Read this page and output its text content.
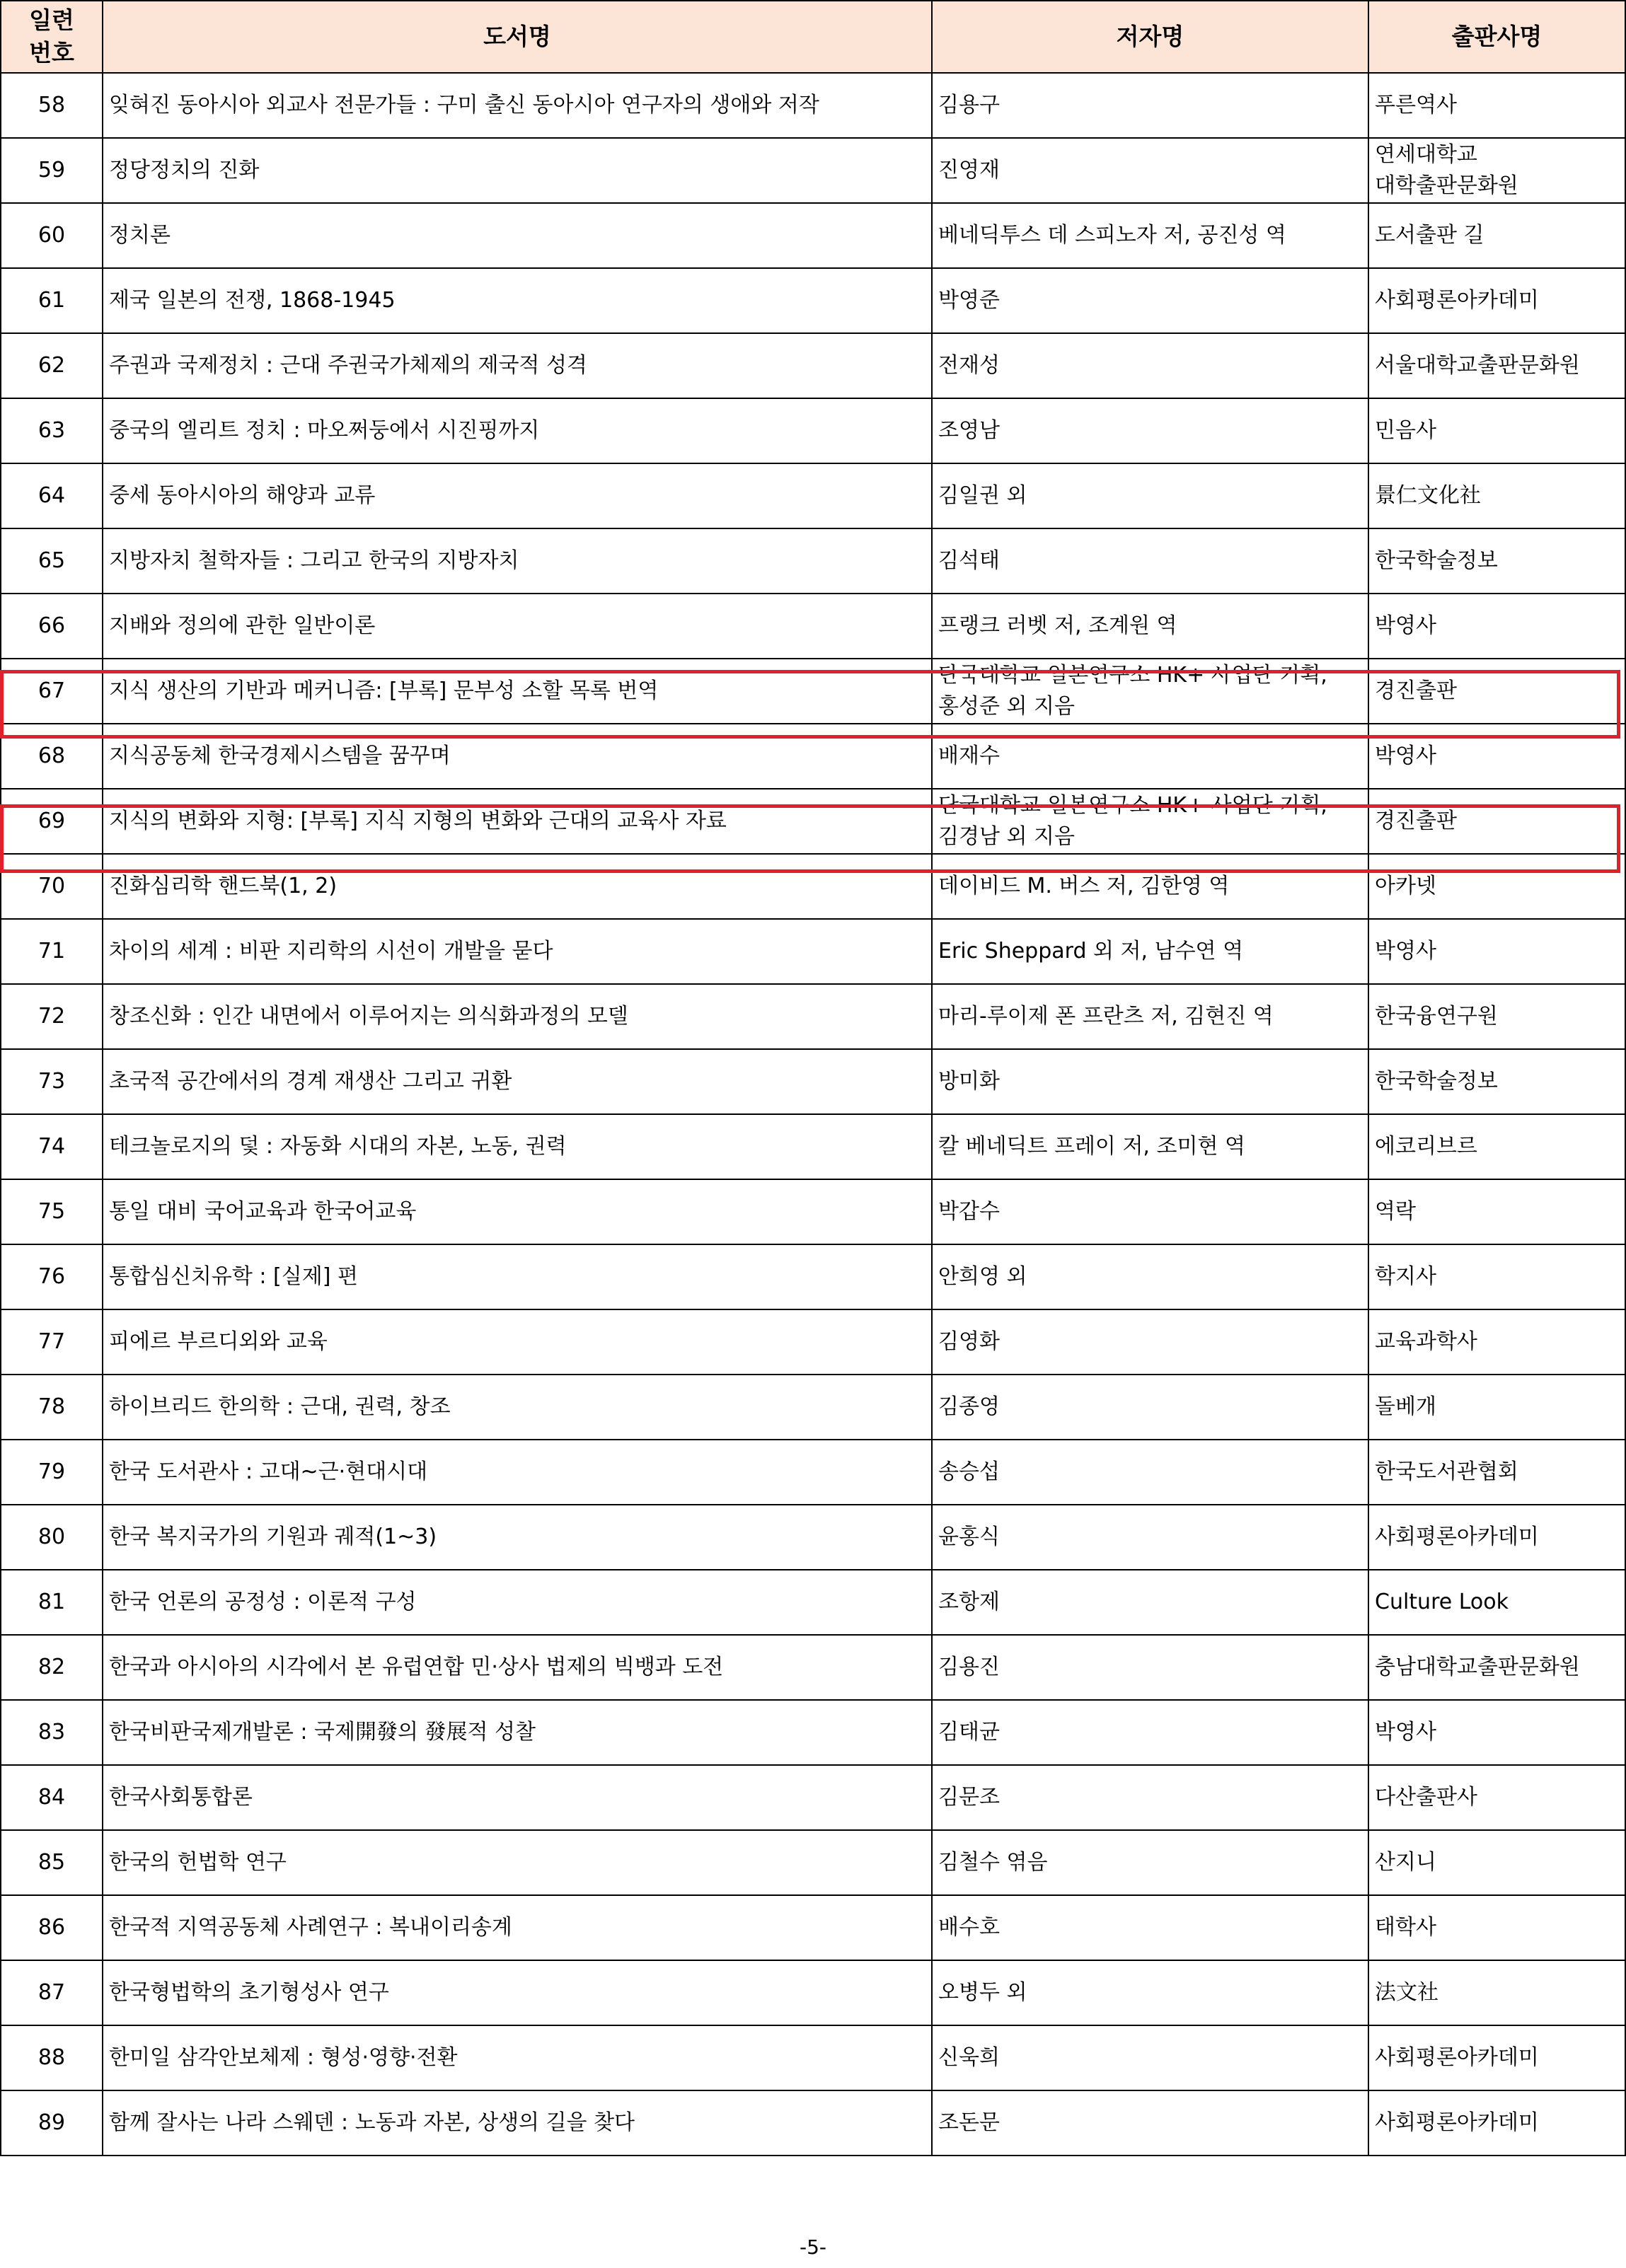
일련
번호	도서명	저자명	출판사명
58	잊혀진 동아시아 외교사 전문가들 : 구미 출신 동아시아 연구자의 생애와 저작	김용구	푸른역사
59	정당정치의 진화	진영재	연세대학교 대학출판문화원
60	정치론	베네딕투스 데 스피노자 저, 공진성 역	도서출판 길
61	제국 일본의 전쟁, 1868-1945	박영준	사회평론아카데미
62	주권과 국제정치 : 근대 주권국가체제의 제국적 성격	전재성	서울대학교출판문화원
63	중국의 엘리트 정치 : 마오쩌둥에서 시진핑까지	조영남	민음사
64	중세 동아시아의 해양과 교류	김일권 외	景仁文化社
65	지방자치 철학자들 : 그리고 한국의 지방자치	김석태	한국학술정보
66	지배와 정의에 관한 일반이론	프랭크 러벳 저, 조계원 역	박영사
67	지식 생산의 기반과 메커니즘: [부록] 문부성 소할 목록 번역	단국대학교 일본연구소 HK+ 사업단 기획, 홍성준 외 지음	경진출판
68	지식공동체 한국경제시스템을 꿈꾸며	배재수	박영사
69	지식의 변화와 지형: [부록] 지식 지형의 변화와 근대의 교육사 자료	단국대학교 일본연구소 HK+ 사업단 기획, 김경남 외 지음	경진출판
70	진화심리학 핸드북(1, 2)	데이비드 M. 버스 저, 김한영 역	아카넷
71	차이의 세계 : 비판 지리학의 시선이 개발을 묻다	Eric Sheppard 외 저, 남수연 역	박영사
72	창조신화 : 인간 내면에서 이루어지는 의식화과정의 모델	마리-루이제 폰 프란츠 저, 김현진 역	한국융연구원
73	초국적 공간에서의 경계 재생산 그리고 귀환	방미화	한국학술정보
74	테크놀로지의 덫 : 자동화 시대의 자본, 노동, 권력	칼 베네딕트 프레이 저, 조미현 역	에코리브르
75	통일 대비 국어교육과 한국어교육	박갑수	역락
76	통합심신치유학 : [실제] 편	안희영 외	학지사
77	피에르 부르디외와 교육	김영화	교육과학사
78	하이브리드 한의학 : 근대, 권력, 창조	김종영	돌베개
79	한국 도서관사 : 고대~근·현대시대	송승섭	한국도서관협회
80	한국 복지국가의 기원과 궤적(1~3)	윤홍식	사회평론아카데미
81	한국 언론의 공정성 : 이론적 구성	조항제	Culture Look
82	한국과 아시아의 시각에서 본 유럽연합 민·상사 법제의 빅뱅과 도전	김용진	충남대학교출판문화원
83	한국비판국제개발론 : 국제開發의 發展적 성찰	김태균	박영사
84	한국사회통합론	김문조	다산출판사
85	한국의 헌법학 연구	김철수 엮음	산지니
86	한국적 지역공동체 사례연구 : 복내이리송계	배수호	태학사
87	한국형법학의 초기형성사 연구	오병두 외	法文社
88	한미일 삼각안보체제 : 형성·영향·전환	신욱희	사회평론아카데미
89	함께 잘사는 나라 스웨덴 : 노동과 자본, 상생의 길을 찾다	조돈문	사회평론아카데미
-5-
